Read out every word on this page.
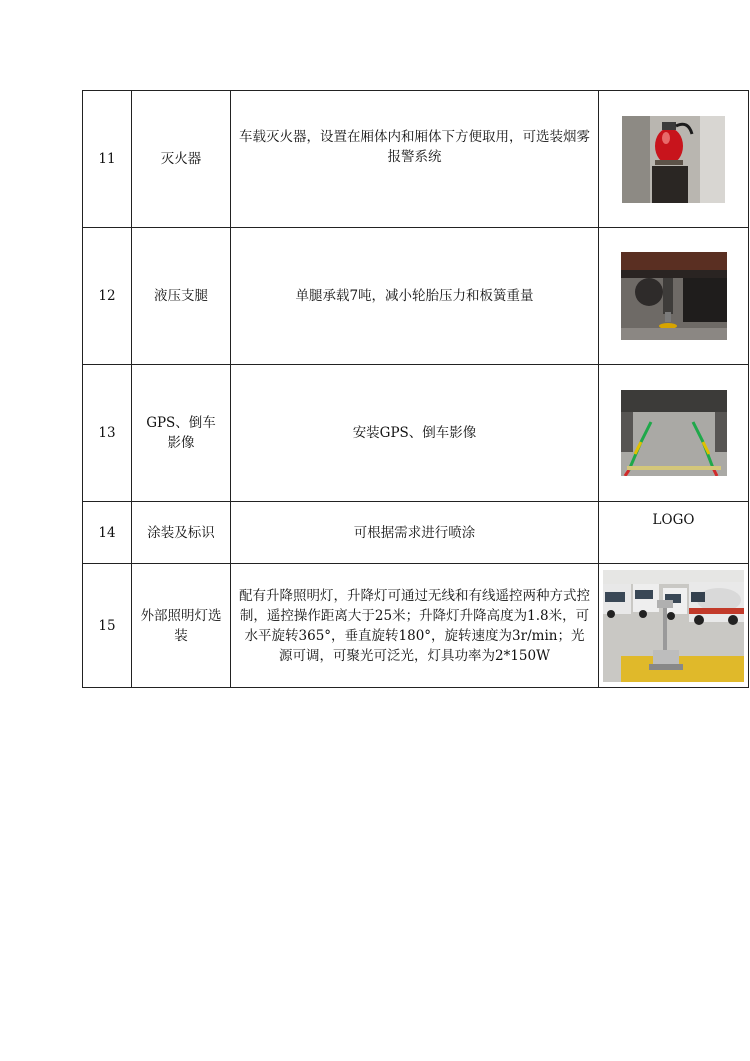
11	灭火器	车载灭火器，设置在厢体内和厢体下方便取用，可选装烟雾报警系统	

12	液压支腿	单腿承载7吨，减小轮胎压力和板簧重量	

13	GPS、倒车影像	安装GPS、倒车影像	

14	涂装及标识	可根据需求进行喷涂	LOGO
15	外部照明灯选装	配有升降照明灯，升降灯可通过无线和有线遥控两种方式控制，遥控操作距离大于25米；升降灯升降高度为1.8米，可水平旋转365°，垂直旋转180°，旋转速度为3r/min；光源可调，可聚光可泛光，灯具功率为2*150W	
